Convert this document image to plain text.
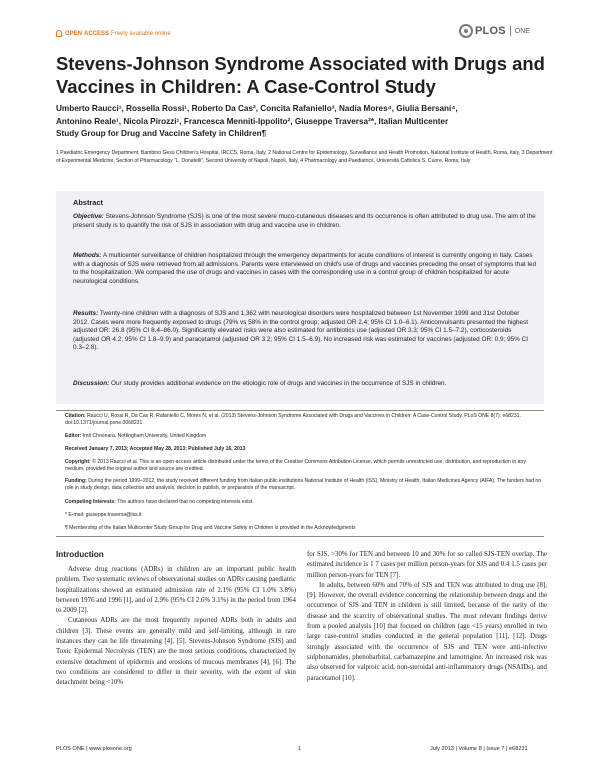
OPEN ACCESS Freely available online	PLOS ONE
Stevens-Johnson Syndrome Associated with Drugs and Vaccines in Children: A Case-Control Study
Umberto Raucci¹, Rossella Rossi¹, Roberto Da Cas², Concita Rafaniello³, Nadia Mores⁴, Giulia Bersani⁴,
Antonino Reale¹, Nicola Pirozzi¹, Francesca Menniti-Ippolito², Giuseppe Traversa²*, Italian Multicenter
Study Group for Drug and Vaccine Safety in Children¶
1 Paediatric Emergency Department, Bambino Gesù Children's Hospital, IRCCS, Roma, Italy, 2 National Centre for Epidemiology, Surveillance and Health Promotion, National Institute of Health, Roma, Italy, 3 Department of Experimental Medicine, Section of Pharmacology “L. Donatelli”, Second University of Napoli, Napoli, Italy, 4 Pharmacology and Paediatrics, Università Cattolica S. Cuore, Roma, Italy
Abstract
Objective: Stevens-Johnson Syndrome (SJS) is one of the most severe muco-cutaneous diseases and its occurrence is often attributed to drug use. The aim of the present study is to quantify the risk of SJS in association with drug and vaccine use in children.
Methods: A multicenter surveillance of children hospitalized through the emergency departments for acute conditions of interest is currently ongoing in Italy. Cases with a diagnosis of SJS were retrieved from all admissions. Parents were interviewed on child's use of drugs and vaccines preceding the onset of symptoms that led to the hospitalization. We compared the use of drugs and vaccines in cases with the corresponding use in a control group of children hospitalized for acute neurological conditions.
Results: Twenty-nine children with a diagnosis of SJS and 1,362 with neurological disorders were hospitalized between 1st November 1999 and 31st October 2012. Cases were more frequently exposed to drugs (79% vs 58% in the control group; adjusted OR 2.4; 95% CI 1.0–6.1). Anticonvulsants presented the highest adjusted OR: 26.8 (95% CI 8.4–86.0). Significantly elevated risks were also estimated for antibiotics use (adjusted OR 3.3; 95% CI 1.5–7.2), corticosteroids (adjusted OR 4.2; 95% CI 1.8–9.9) and paracetamol (adjusted OR 3.2; 95% CI 1.5–6.9). No increased risk was estimated for vaccines (adjusted OR: 0.9; 95% CI 0.3–2.8).
Discussion: Our study provides additional evidence on the etiologic role of drugs and vaccines in the occurrence of SJS in children.
Citation: Raucci U, Rossi R, Da Cas R, Rafaniello C, Mores N, et al. (2013) Stevens-Johnson Syndrome Associated with Drugs and Vaccines in Children: A Case-Control Study. PLoS ONE 8(7): e68231. doi:10.1371/journal.pone.0068231
Editor: Imti Choonara, Nottingham University, United Kingdom
Received January 7, 2013; Accepted May 28, 2013; Published July 16, 2013
Copyright: © 2013 Raucci et al. This is an open-access article distributed under the terms of the Creative Commons Attribution License, which permits unrestricted use, distribution, and reproduction in any medium, provided the original author and source are credited.
Funding: During the period 1999–2012, the study received different funding from Italian public institutions National Institute of Health (ISS), Ministry of Health, Italian Medicines Agency (AIFA). The funders had no role in study design, data collection and analysis, decision to publish, or preparation of the manuscript.
Competing Interests: The authors have declared that no competing interests exist.
* E-mail: giuseppe.traversa@iss.it
¶ Membership of the Italian Multicenter Study Group for Drug and Vaccine Safety in Children is provided in the Acknowledgments
Introduction

Adverse drug reactions (ADRs) in children are an important public health problem. Two systematic reviews of observational studies on ADRs causing paediatric hospitalizations showed an estimated admission rate of 2.1% (95% CI 1.0% 3.8%) between 1976 and 1996 [1], and of 2.9% (95% CI 2.6% 3.1%) in the period from 1964 to 2009 [2].

Cutaneous ADRs are the most frequently reported ADRs both in adults and children [3]. These events are generally mild and self-limiting, although in rare instances they can be life threatening [4], [5]. Stevens-Johnson Syndrome (SJS) and Toxic Epidermal Necrolysis (TEN) are the most serious conditions, characterized by extensive detachment of epidermis and erosions of mucous membranes [4], [6]. The two conditions are considered to differ in their severity, with the extent of skin detachment being <10%

for SJS, >30% for TEN and between 10 and 30% for so called SJS-TEN overlap. The estimated incidence is 1 7 cases per million person-years for SJS and 0.4 1.5 cases per million person-years for TEN [7].

In adults, between 60% and 70% of SJS and TEN was attributed to drug use [8], [9]. However, the overall evidence concerning the relationship between drugs and the occurrence of SJS and TEN in children is still limited, because of the rarity of the disease and the scarcity of observational studies. The most relevant findings derive from a pooled analysis [10] that focused on children (age <15 years) enrolled in two large case-control studies conducted in the general population [11], [12]. Drugs strongly associated with the occurrence of SJS and TEN were anti-infective sulphonamides, phenobarbital, carbamazepine and lamotrigine. An increased risk was also observed for valproic acid, non-steroidal anti-inflammatory drugs (NSAIDs), and paracetamol [10].

PLOS ONE | www.plosone.org	1	July 2013 | Volume 8 | Issue 7 | e68231
